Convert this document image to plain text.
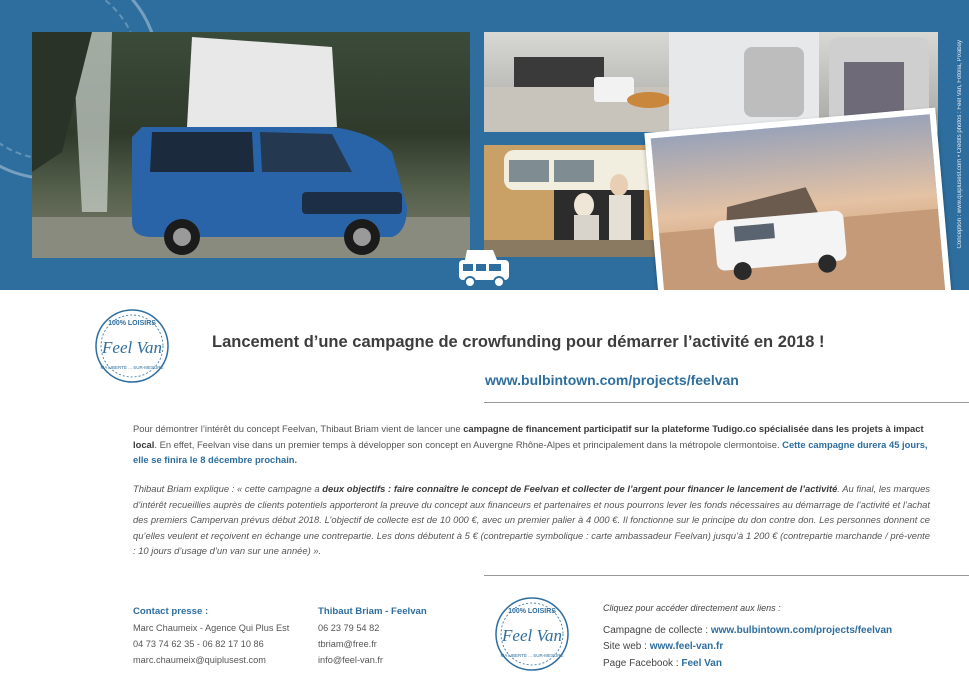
Conception : www.quiplusest.com • Crédits photos : Feel Van, Fotolia, Pixabay
100% LOISIRS
Feel Van
MA LIBERTÉ ... SUR-MESURE
Lancement d’une campagne de crowfunding pour démarrer l’activité en 2018 !
www.bulbintown.com/projects/feelvan
Pour démontrer l’intérêt du concept Feelvan, Thibaut Briam vient de lancer une campagne de financement participatif sur la plateforme Tudigo.co spécialisée dans les projets à impact local. En effet, Feelvan vise dans un premier temps à développer son concept en Auvergne Rhône-Alpes et principalement dans la métropole clermontoise. Cette campagne durera 45 jours, elle se finira le 8 décembre prochain.
Thibaut Briam explique : « cette campagne a deux objectifs : faire connaître le concept de Feelvan et collecter de l’argent pour financer le lancement de l’activité. Au final, les marques d’intérêt recueillies auprès de clients potentiels apporteront la preuve du concept aux financeurs et partenaires et nous pourrons lever les fonds nécessaires au démarrage de l’activité et l’achat des premiers Campervan prévus début 2018. L’objectif de collecte est de 10 000 €, avec un premier palier à 4 000 €. Il fonctionne sur le principe du don contre don. Les personnes donnent ce qu’elles veulent et reçoivent en échange une contrepartie. Les dons débutent à 5 € (contrepartie symbolique : carte ambassadeur Feelvan) jusqu’à 1 200 € (contrepartie marchande / pré-vente : 10 jours d’usage d’un van sur une année) ».
Contact presse :
Marc Chaumeix - Agence Qui Plus Est
04 73 74 62 35 - 06 82 17 10 86
marc.chaumeix@quiplusest.com
Thibaut Briam - Feelvan
06 23 79 54 82
tbriam@free.fr
info@feel-van.fr
100% LOISIRS
Feel Van
MA LIBERTÉ ... SUR-MESURE
Cliquez pour accéder directement aux liens :
Campagne de collecte : www.bulbintown.com/projects/feelvan
Site web : www.feel-van.fr
Page Facebook : Feel Van
